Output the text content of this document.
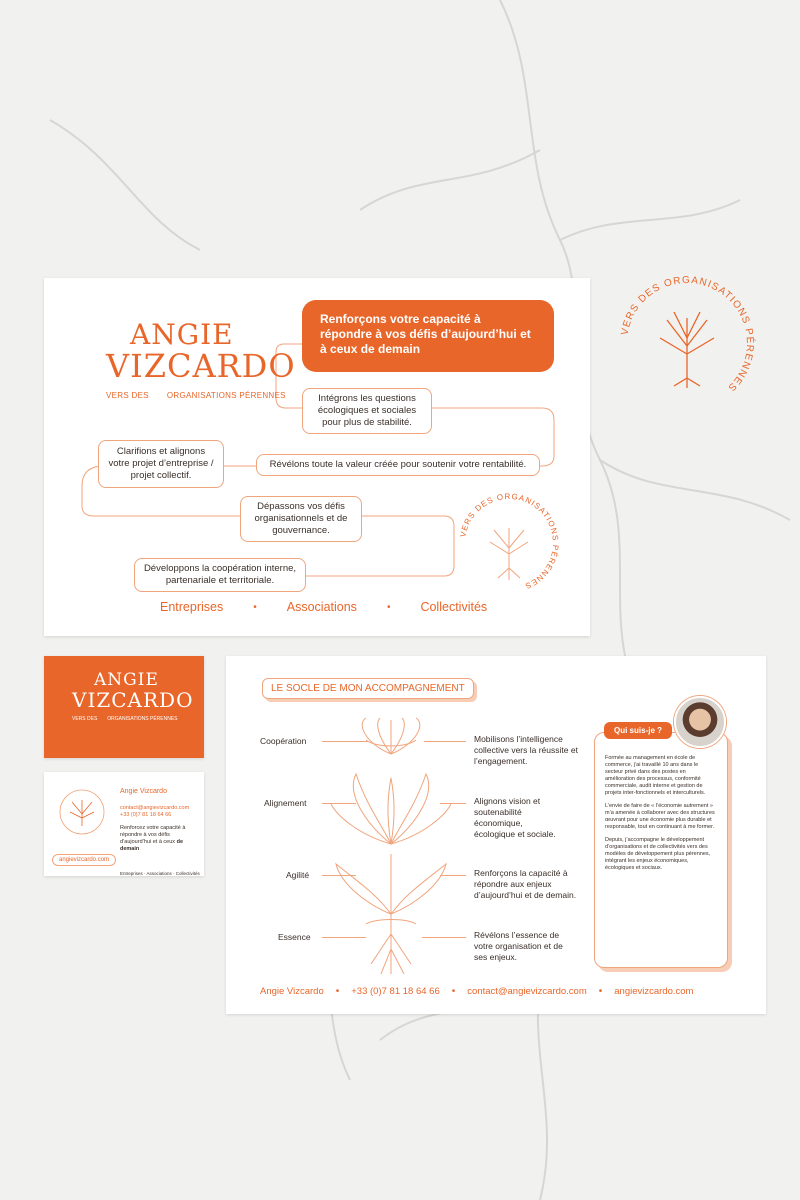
ANGIE
VIZCARDO
VERS DES ORGANISATIONS PÉRENNES
Renforçons votre capacité à répondre à vos défis d’aujourd’hui et à ceux de demain
Intégrons les questions écologiques et sociales pour plus de stabilité.
Révélons toute la valeur créée pour soutenir votre rentabilité.
Clarifions et alignons votre projet d’entreprise / projet collectif.
Dépassons vos défis organisationnels et de gouvernance.
Développons la coopération interne, partenariale et territoriale.
VERS DES ORGANISATIONS PÉRENNES
Entreprises	• Associations	• Collectivités
VERS DES ORGANISATIONS PÉRENNES
ANGIE
VIZCARDO
VERS DES ORGANISATIONS PÉRENNES
angievizcardo.com
Angie Vizcardo
contact@angievizcardo.com
+33 (0)7 81 18 64 66
Renforcez votre capacité à répondre à vos défis d’aujourd’hui et à ceux de demain
Entreprises · Associations · Collectivités
LE SOCLE DE MON ACCOMPAGNEMENT
Coopération	Mobilisons l’intelligence collective vers la réussite et l’engagement.
Alignement	Alignons vision et soutenabilité économique, écologique et sociale.
Agilité	Renforçons la capacité à répondre aux enjeux d’aujourd’hui et de demain.
Essence	Révélons l’essence de votre organisation et de ses enjeux.

Formée au management en école de commerce, j’ai travaillé 10 ans dans le secteur privé dans des postes en amélioration des processus, conformité commerciale, audit interne et gestion de projets inter-fonctionnels et interculturels.

L’envie de faire de « l’économie autrement » m’a amenée à collaborer avec des structures œuvrant pour une économie plus durable et responsable, tout en continuant à me former.

Depuis, j’accompagne le développement d’organisations et de collectivités vers des modèles de développement plus pérennes, intégrant les enjeux économiques, écologiques et sociaux.

Qui suis-je ?
Angie Vizcardo • +33 (0)7 81 18 64 66 • contact@angievizcardo.com • angievizcardo.com
